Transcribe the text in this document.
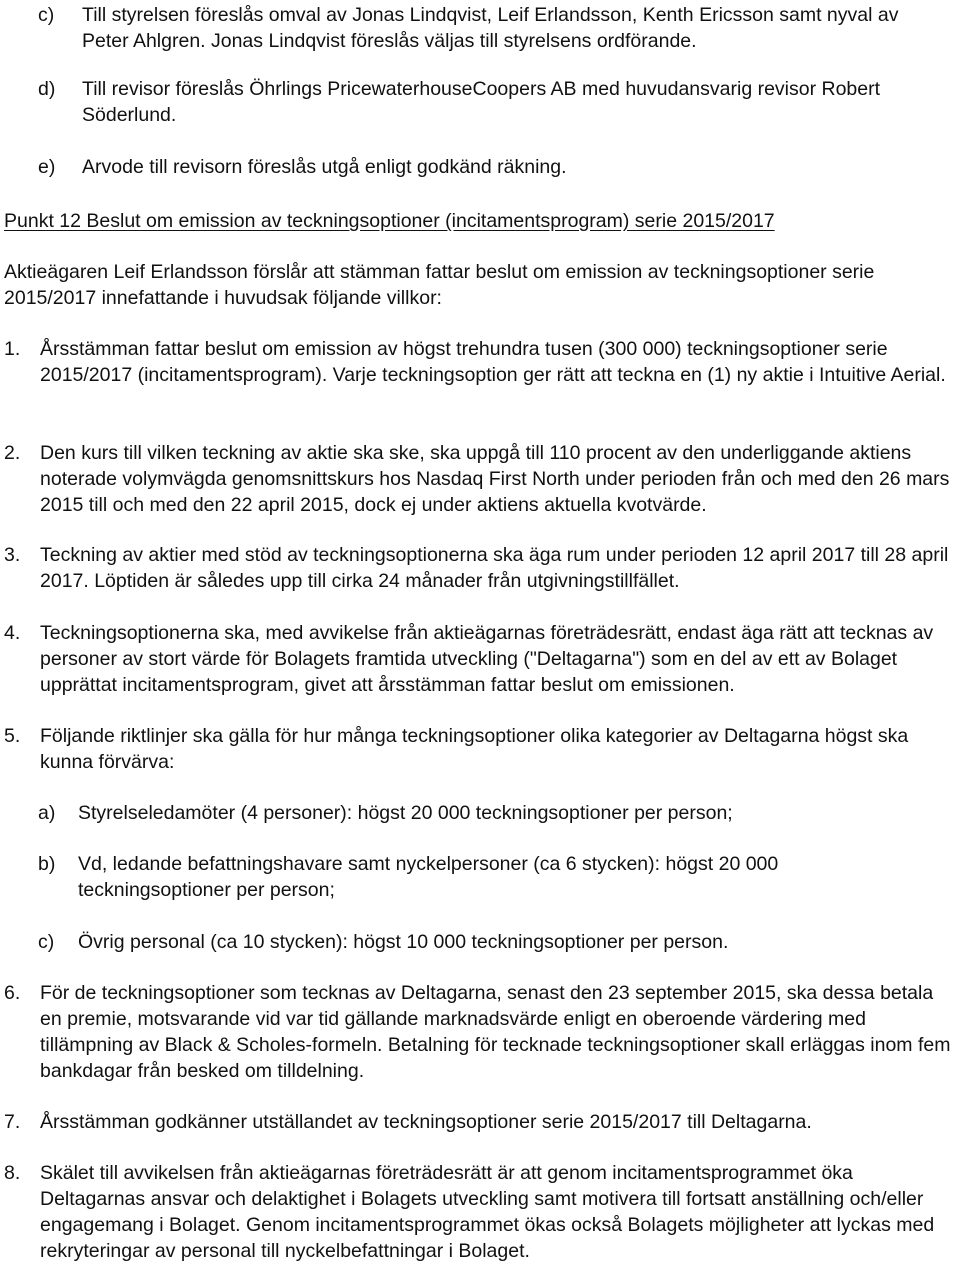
c)	Till styrelsen föreslås omval av Jonas Lindqvist, Leif Erlandsson, Kenth Ericsson samt nyval av Peter Ahlgren. Jonas Lindqvist föreslås väljas till styrelsens ordförande.
d)	Till revisor föreslås Öhrlings PricewaterhouseCoopers AB med huvudansvarig revisor Robert Söderlund.
e)	Arvode till revisorn föreslås utgå enligt godkänd räkning.
Punkt 12 Beslut om emission av teckningsoptioner (incitamentsprogram) serie 2015/2017
Aktieägaren Leif Erlandsson förslår att stämman fattar beslut om emission av teckningsoptioner serie 2015/2017 innefattande i huvudsak följande villkor:
1.	Årsstämman fattar beslut om emission av högst trehundra tusen (300 000) teckningsoptioner serie 2015/2017 (incitamentsprogram). Varje teckningsoption ger rätt att teckna en (1) ny aktie i Intuitive Aerial.
2.	Den kurs till vilken teckning av aktie ska ske, ska uppgå till 110 procent av den underliggande aktiens noterade volymvägda genomsnittskurs hos Nasdaq First North under perioden från och med den 26 mars 2015 till och med den 22 april 2015, dock ej under aktiens aktuella kvotvärde.
3.	Teckning av aktier med stöd av teckningsoptionerna ska äga rum under perioden 12 april 2017 till 28 april 2017. Löptiden är således upp till cirka 24 månader från utgivningstillfället.
4.	Teckningsoptionerna ska, med avvikelse från aktieägarnas företrädesrätt, endast äga rätt att tecknas av personer av stort värde för Bolagets framtida utveckling ("Deltagarna") som en del av ett av Bolaget upprättat incitamentsprogram, givet att årsstämman fattar beslut om emissionen.
5.	Följande riktlinjer ska gälla för hur många teckningsoptioner olika kategorier av Deltagarna högst ska kunna förvärva:
a)	Styrelseledamöter (4 personer): högst 20 000 teckningsoptioner per person;
b)	Vd, ledande befattningshavare samt nyckelpersoner (ca 6 stycken): högst 20 000 teckningsoptioner per person;
c)	Övrig personal (ca 10 stycken): högst 10 000 teckningsoptioner per person.
6.	För de teckningsoptioner som tecknas av Deltagarna, senast den 23 september 2015, ska dessa betala en premie, motsvarande vid var tid gällande marknadsvärde enligt en oberoende värdering med tillämpning av Black & Scholes-formeln. Betalning för tecknade teckningsoptioner skall erläggas inom fem bankdagar från besked om tilldelning.
7.	Årsstämman godkänner utställandet av teckningsoptioner serie 2015/2017 till Deltagarna.
8.	Skälet till avvikelsen från aktieägarnas företrädesrätt är att genom incitamentsprogrammet öka Deltagarnas ansvar och delaktighet i Bolagets utveckling samt motivera till fortsatt anställning och/eller engagemang i Bolaget. Genom incitamentsprogrammet ökas också Bolagets möjligheter att lyckas med rekryteringar av personal till nyckelbefattningar i Bolaget.
